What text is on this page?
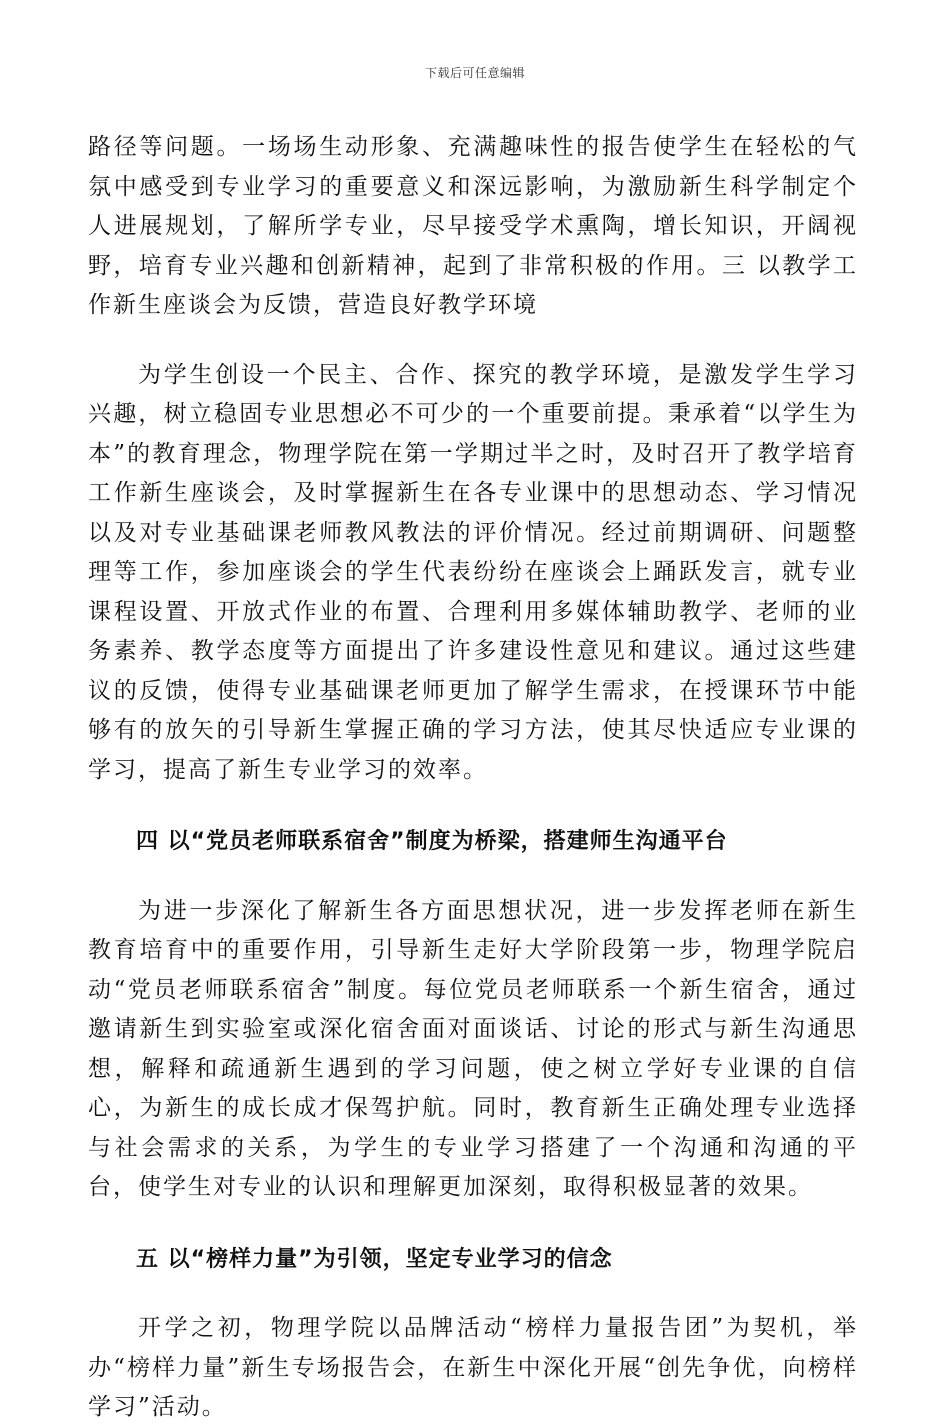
下载后可任意编辑

路径等问题。一场场生动形象、充满趣味性的报告使学生在轻松的气氛中感受到专业学习的重要意义和深远影响，为激励新生科学制定个人进展规划，了解所学专业，尽早接受学术熏陶，增长知识，开阔视野，培育专业兴趣和创新精神，起到了非常积极的作用。三 以教学工作新生座谈会为反馈，营造良好教学环境

为学生创设一个民主、合作、探究的教学环境，是激发学生学习兴趣，树立稳固专业思想必不可少的一个重要前提。秉承着“以学生为本”的教育理念，物理学院在第一学期过半之时，及时召开了教学培育工作新生座谈会，及时掌握新生在各专业课中的思想动态、学习情况以及对专业基础课老师教风教法的评价情况。经过前期调研、问题整理等工作，参加座谈会的学生代表纷纷在座谈会上踊跃发言，就专业课程设置、开放式作业的布置、合理利用多媒体辅助教学、老师的业务素养、教学态度等方面提出了许多建设性意见和建议。通过这些建议的反馈，使得专业基础课老师更加了解学生需求，在授课环节中能够有的放矢的引导新生掌握正确的学习方法，使其尽快适应专业课的学习，提高了新生专业学习的效率。

四 以“党员老师联系宿舍”制度为桥梁，搭建师生沟通平台

为进一步深化了解新生各方面思想状况，进一步发挥老师在新生教育培育中的重要作用，引导新生走好大学阶段第一步，物理学院启动“党员老师联系宿舍”制度。每位党员老师联系一个新生宿舍，通过邀请新生到实验室或深化宿舍面对面谈话、讨论的形式与新生沟通思想，解释和疏通新生遇到的学习问题，使之树立学好专业课的自信心，为新生的成长成才保驾护航。同时，教育新生正确处理专业选择与社会需求的关系，为学生的专业学习搭建了一个沟通和沟通的平台，使学生对专业的认识和理解更加深刻，取得积极显著的效果。

五 以“榜样力量”为引领，坚定专业学习的信念

开学之初，物理学院以品牌活动“榜样力量报告团”为契机，举办“榜样力量”新生专场报告会，在新生中深化开展“创先争优，向榜样学习”活动。
